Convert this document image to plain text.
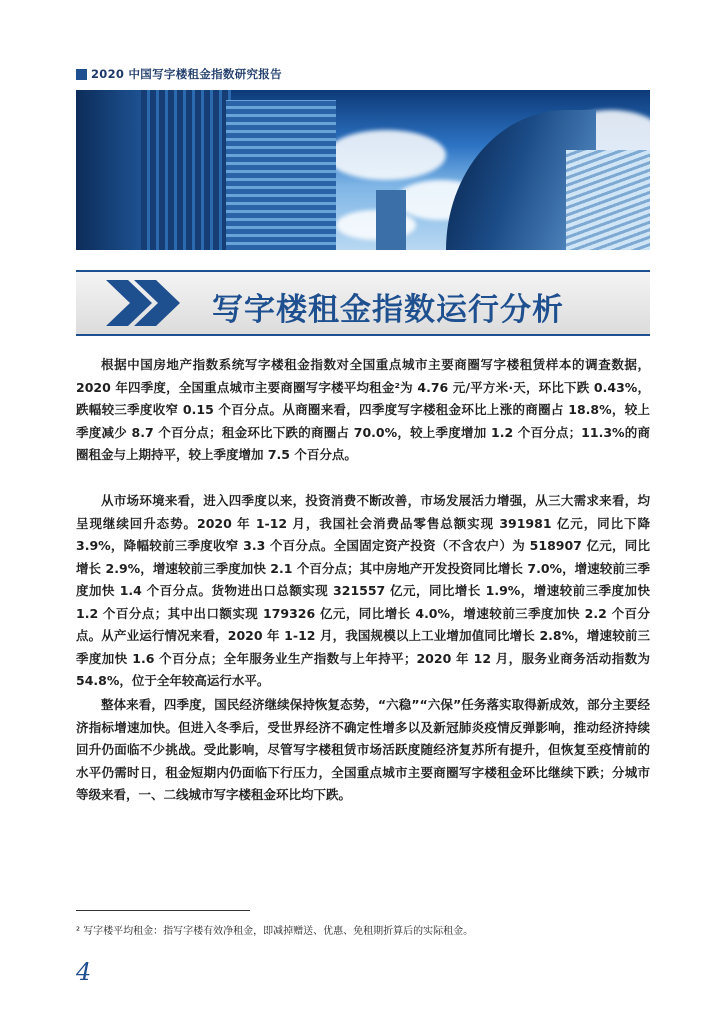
2020 中国写字楼租金指数研究报告
写字楼租金指数运行分析

根据中国房地产指数系统写字楼租金指数对全国重点城市主要商圈写字楼租赁样本的调查数据，2020 年四季度，全国重点城市主要商圈写字楼平均租金²为 4.76 元/平方米·天，环比下跌 0.43%，跌幅较三季度收窄 0.15 个百分点。从商圈来看，四季度写字楼租金环比上涨的商圈占 18.8%，较上季度减少 8.7 个百分点；租金环比下跌的商圈占 70.0%，较上季度增加 1.2 个百分点；11.3%的商圈租金与上期持平，较上季度增加 7.5 个百分点。

从市场环境来看，进入四季度以来，投资消费不断改善，市场发展活力增强，从三大需求来看，均呈现继续回升态势。2020 年 1-12 月，我国社会消费品零售总额实现 391981 亿元，同比下降 3.9%，降幅较前三季度收窄 3.3 个百分点。全国固定资产投资（不含农户）为 518907 亿元，同比增长 2.9%，增速较前三季度加快 2.1 个百分点；其中房地产开发投资同比增长 7.0%，增速较前三季度加快 1.4 个百分点。货物进出口总额实现 321557 亿元，同比增长 1.9%，增速较前三季度加快 1.2 个百分点；其中出口额实现 179326 亿元，同比增长 4.0%，增速较前三季度加快 2.2 个百分点。从产业运行情况来看，2020 年 1-12 月，我国规模以上工业增加值同比增长 2.8%，增速较前三季度加快 1.6 个百分点；全年服务业生产指数与上年持平；2020 年 12 月，服务业商务活动指数为 54.8%，位于全年较高运行水平。

整体来看，四季度，国民经济继续保持恢复态势，“六稳”“六保”任务落实取得新成效，部分主要经济指标增速加快。但进入冬季后，受世界经济不确定性增多以及新冠肺炎疫情反弹影响，推动经济持续回升仍面临不少挑战。受此影响，尽管写字楼租赁市场活跃度随经济复苏所有提升，但恢复至疫情前的水平仍需时日，租金短期内仍面临下行压力，全国重点城市主要商圈写字楼租金环比继续下跌；分城市等级来看，一、二线城市写字楼租金环比均下跌。

² 写字楼平均租金：指写字楼有效净租金，即减掉赠送、优惠、免租期折算后的实际租金。
4
